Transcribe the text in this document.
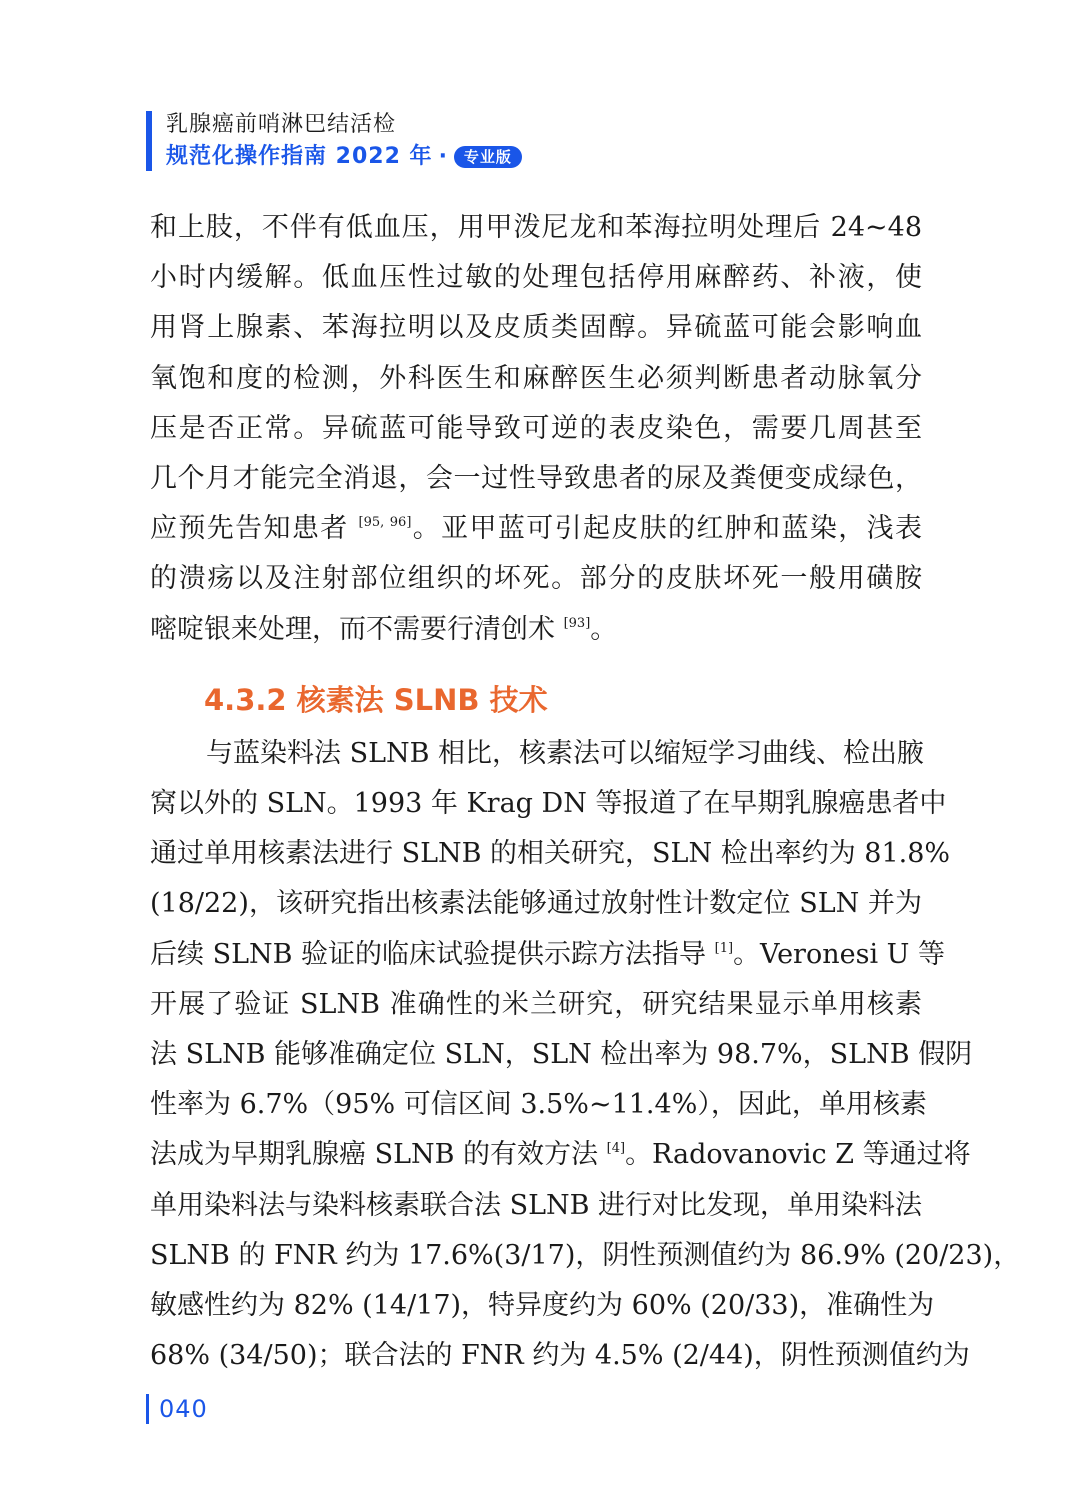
乳腺癌前哨淋巴结活检
规范化操作指南 2022 年 ·	专业版
和上肢，不伴有低血压，用甲泼尼龙和苯海拉明处理后 24~48
小时内缓解。低血压性过敏的处理包括停用麻醉药、补液，使
用肾上腺素、苯海拉明以及皮质类固醇。异硫蓝可能会影响血
氧饱和度的检测，外科医生和麻醉医生必须判断患者动脉氧分
压是否正常。异硫蓝可能导致可逆的表皮染色，需要几周甚至
几个月才能完全消退，会一过性导致患者的尿及粪便变成绿色，
应预先告知患者 [95, 96]。亚甲蓝可引起皮肤的红肿和蓝染，浅表
的溃疡以及注射部位组织的坏死。部分的皮肤坏死一般用磺胺
嘧啶银来处理，而不需要行清创术 [93]。
4.3.2 核素法 SLNB 技术
与蓝染料法 SLNB 相比，核素法可以缩短学习曲线、检出腋
窝以外的 SLN。1993 年 Krag DN 等报道了在早期乳腺癌患者中
通过单用核素法进行 SLNB 的相关研究，SLN 检出率约为 81.8%
(18/22)，该研究指出核素法能够通过放射性计数定位 SLN 并为
后续 SLNB 验证的临床试验提供示踪方法指导 [1]。Veronesi U 等
开展了验证 SLNB 准确性的米兰研究，研究结果显示单用核素
法 SLNB 能够准确定位 SLN，SLN 检出率为 98.7%，SLNB 假阴
性率为 6.7%（95% 可信区间 3.5%~11.4%），因此，单用核素
法成为早期乳腺癌 SLNB 的有效方法 [4]。Radovanovic Z 等通过将
单用染料法与染料核素联合法 SLNB 进行对比发现，单用染料法
SLNB 的 FNR 约为 17.6%(3/17)，阴性预测值约为 86.9% (20/23)，
敏感性约为 82% (14/17)，特异度约为 60% (20/33)，准确性为
68% (34/50)；联合法的 FNR 约为 4.5% (2/44)，阴性预测值约为
040
